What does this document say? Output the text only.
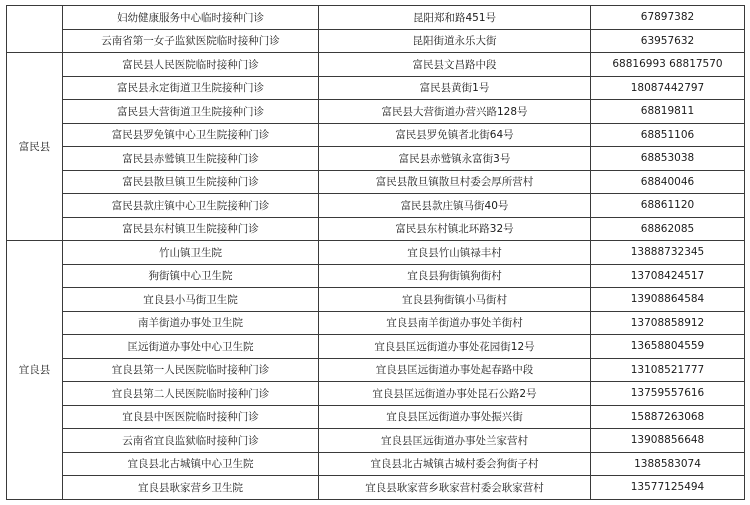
	妇幼健康服务中心临时接种门诊	昆阳郑和路451号	67897382
	云南省第一女子监狱医院临时接种门诊	昆阳街道永乐大街	63957632
富民县	富民县人民医院临时接种门诊	富民县文昌路中段	68816993 68817570
	富民县永定街道卫生院接种门诊	富民县黄街1号	18087442797
	富民县大营街道卫生院接种门诊	富民县大营街道办营兴路128号	68819811
	富民县罗免镇中心卫生院接种门诊	富民县罗免镇者北街64号	68851106
	富民县赤鹫镇卫生院接种门诊	富民县赤鹫镇永富街3号	68853038
	富民县散旦镇卫生院接种门诊	富民县散旦镇散旦村委会厚所营村	68840046
	富民县款庄镇中心卫生院接种门诊	富民县款庄镇马街40号	68861120
	富民县东村镇卫生院接种门诊	富民县东村镇北环路32号	68862085
宜良县	竹山镇卫生院	宜良县竹山镇禄丰村	13888732345
	狗街镇中心卫生院	宜良县狗街镇狗街村	13708424517
	宜良县小马街卫生院	宜良县狗街镇小马街村	13908864584
	南羊街道办事处卫生院	宜良县南羊街道办事处羊街村	13708858912
	匡远街道办事处中心卫生院	宜良县匡远街道办事处花园街12号	13658804559
	宜良县第一人民医院临时接种门诊	宜良县匡远街道办事处起春路中段	13108521777
	宜良县第二人民医院临时接种门诊	宜良县匡远街道办事处昆石公路2号	13759557616
	宜良县中医医院临时接种门诊	宜良县匡远街道办事处振兴街	15887263068
	云南省宜良监狱临时接种门诊	宜良县匡远街道办事处兰家营村	13908856648
	宜良县北古城镇中心卫生院	宜良县北古城镇古城村委会狗街子村	1388583074
	宜良县耿家营乡卫生院	宜良县耿家营乡耿家营村委会耿家营村	13577125494
